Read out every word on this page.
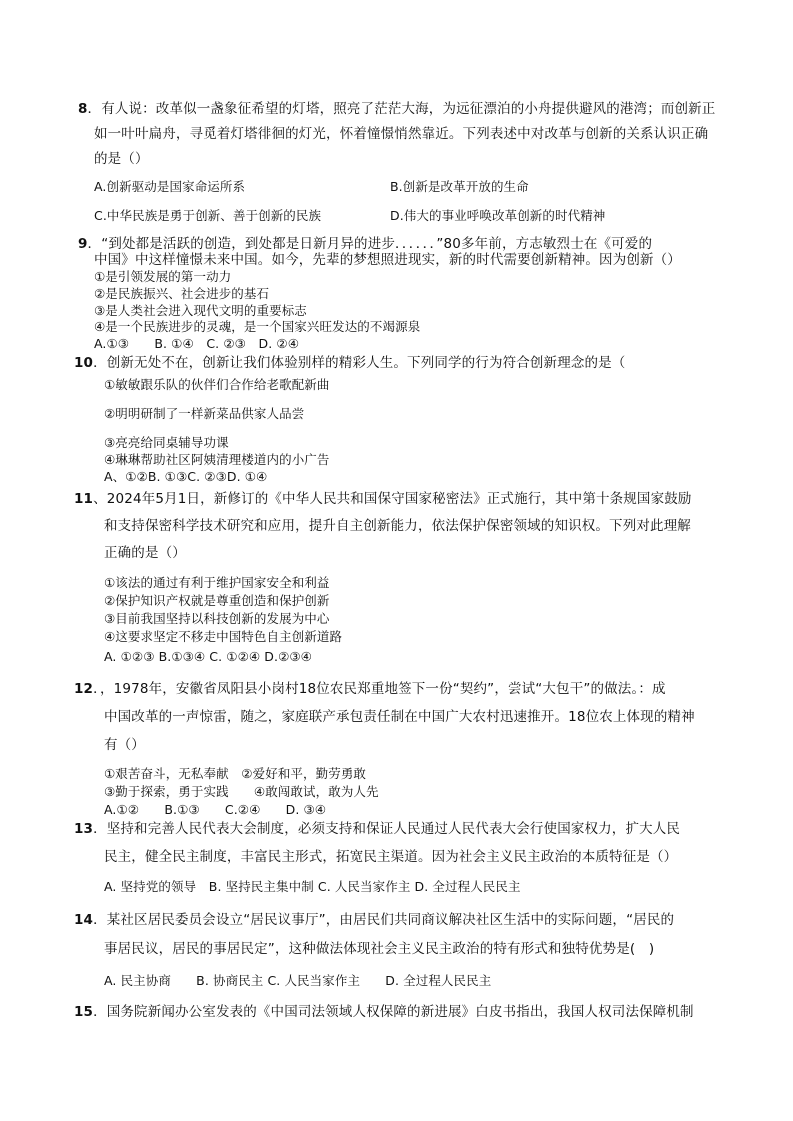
8．有人说：改革似一盏象征希望的灯塔，照亮了茫茫大海，为远征漂泊的小舟提供避风的港湾；而创新正
如一叶叶扁舟，寻觅着灯塔徘徊的灯光，怀着憧憬悄然靠近。下列表述中对改革与创新的关系认识正确
的是（）
A.创新驱动是国家命运所系	B.创新是改革开放的生命
C.中华民族是勇于创新、善于创新的民族	D.伟大的事业呼唤改革创新的时代精神
9．“到处都是活跃的创造，到处都是日新月异的进步．．．．．．”80多年前，方志敏烈士在《可爱的
中国》中这样憧憬未来中国。如今，先辈的梦想照进现实，新的时代需要创新精神。因为创新（）
①是引领发展的第一动力
②是民族振兴、社会进步的基石
③是人类社会进入现代文明的重要标志
④是一个民族进步的灵魂，是一个国家兴旺发达的不竭源泉
A.①③　　B. ①④　C. ②③　D. ②④
10．创新无处不在，创新让我们体验别样的精彩人生。下列同学的行为符合创新理念的是（
①敏敏跟乐队的伙伴们合作给老歌配新曲
②明明研制了一样新菜品供家人品尝
③亮亮给同桌辅导功课
④琳琳帮助社区阿姨清理楼道内的小广告
A、①②B. ①③C. ②③D. ①④
11、2024年5月1日，新修订的《中华人民共和国保守国家秘密法》正式施行，其中第十条规国家鼓励
和支持保密科学技术研究和应用，提升自主创新能力，依法保护保密领域的知识权。下列对此理解
正确的是（）
①该法的通过有利于维护国家安全和利益
②保护知识产权就是尊重创造和保护创新
③目前我国坚持以科技创新的发展为中心
④这要求坚定不移走中国特色自主创新道路
A. ①②③ B.①③④ C. ①②④ D.②③④
12．，1978年，安徽省凤阳县小岗村18位农民郑重地签下一份“契约”，尝试“大包干”的做法。：成
中国改革的一声惊雷，随之，家庭联产承包责任制在中国广大农村迅速推开。18位农上体现的精神
有（）
①艰苦奋斗，无私奉献　②爱好和平，勤劳勇敢
③勤于探索，勇于实践　　④敢闯敢试，敢为人先
A.①②　　B.①③　　C.②④　　D. ③④
13．坚持和完善人民代表大会制度，必须支持和保证人民通过人民代表大会行使国家权力，扩大人民
民主，健全民主制度，丰富民主形式，拓宽民主渠道。因为社会主义民主政治的本质特征是（）
A. 坚持党的领导　B. 坚持民主集中制 C. 人民当家作主 D. 全过程人民民主
14．某社区居民委员会设立“居民议事厅”，由居民们共同商议解决社区生活中的实际问题，“居民的
事居民议，居民的事居民定”，这种做法体现社会主义民主政治的特有形式和独特优势是(　)
A. 民主协商　　B. 协商民主 C. 人民当家作主　　D. 全过程人民民主
15．国务院新闻办公室发表的《中国司法领域人权保障的新进展》白皮书指出，我国人权司法保障机制
